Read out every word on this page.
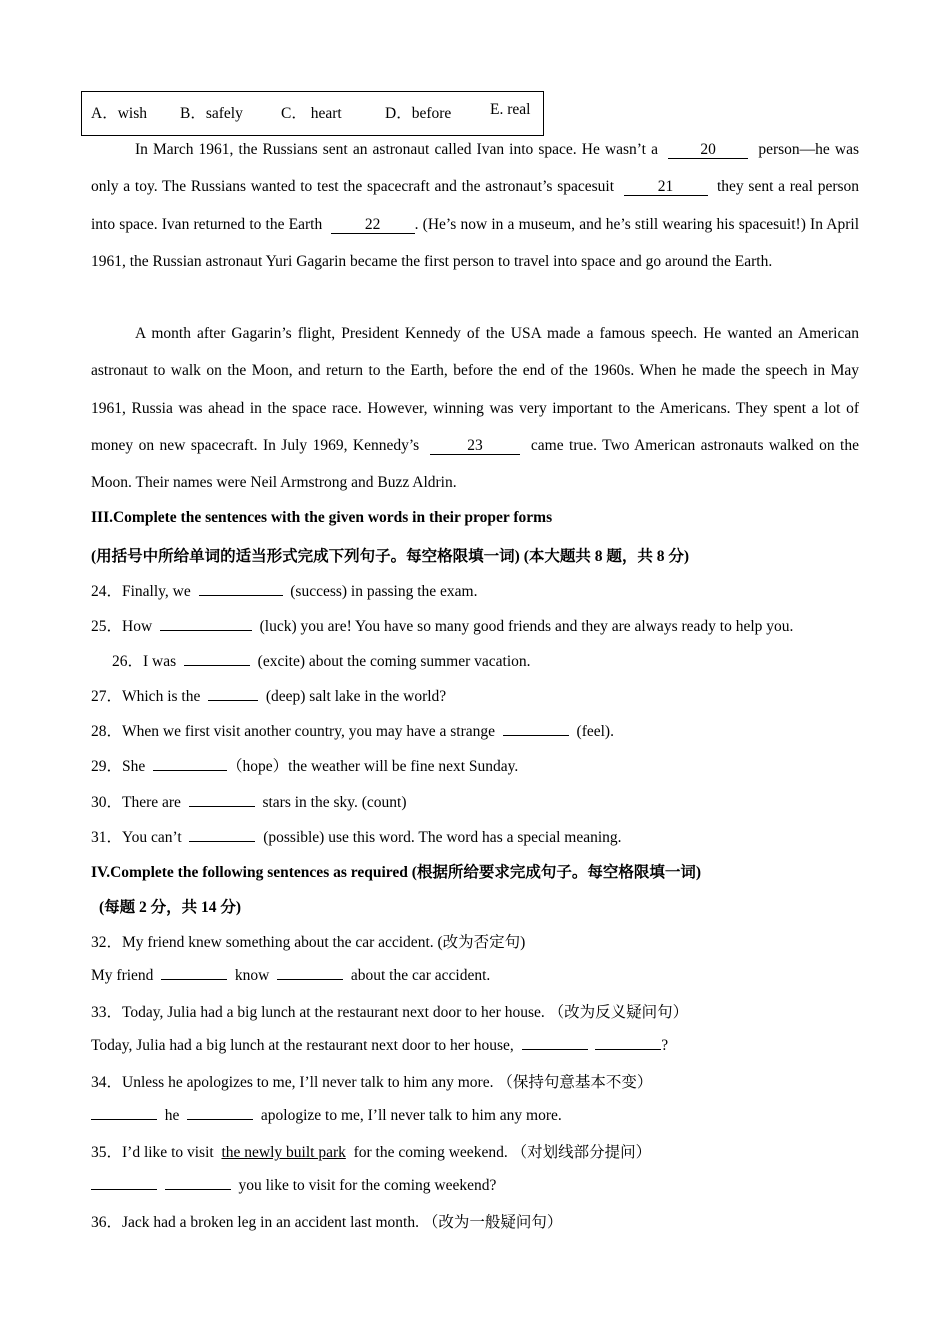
A．wish B．safely C． heart	D．before E. real
In March 1961, the Russians sent an astronaut called Ivan into space. He wasn’t a	20	person—he was only a toy. The Russians wanted to test the spacecraft and the astronaut’s spacesuit	21	they sent a real person into space. Ivan returned to the Earth	22 . (He’s now in a museum, and he’s still wearing his spacesuit!) In April 1961, the Russian astronaut Yuri Gagarin became the first person to travel into space and go around the Earth.
A month after Gagarin’s flight, President Kennedy of the USA made a famous speech. He wanted an American astronaut to walk on the Moon, and return to the Earth, before the end of the 1960s. When he made the speech in May 1961, Russia was ahead in the space race. However, winning was very important to the Americans. They spent a lot of money on new spacecraft. In July 1969, Kennedy’s	23	came true. Two American astronauts walked on the Moon. Their names were Neil Armstrong and Buzz Aldrin.
III.Complete the sentences with the given words in their proper forms
(用括号中所给单词的适当形式完成下列句子。每空格限填一词) (本大题共 8 题，共 8 分)
24．Finally, we	(success) in passing the exam.
25．How	(luck) you are! You have so many good friends and they are always ready to help you.
26．I was	(excite) about the coming summer vacation.
27．Which is the	(deep) salt lake in the world?
28．When we first visit another country, you may have a strange	(feel).
29．She	（hope）the weather will be fine next Sunday.
30．There are	stars in the sky. (count)
31．You can’t	(possible) use this word. The word has a special meaning.
IV.Complete the following sentences as required (根据所给要求完成句子。每空格限填一词)
(每题 2 分，共 14 分)
32．My friend knew something about the car accident. (改为否定句)
My friend	know	about the car accident.
33．Today, Julia had a big lunch at the restaurant next door to her house. （改为反义疑问句）
Today, Julia had a big lunch at the restaurant next door to her house,	?
34．Unless he apologizes to me, I’ll never talk to him any more. （保持句意基本不变）
he	apologize to me, I’ll never talk to him any more.
35．I’d like to visit the newly built park for the coming weekend. （对划线部分提问）
you like to visit for the coming weekend?
36．Jack had a broken leg in an accident last month. （改为一般疑问句）
